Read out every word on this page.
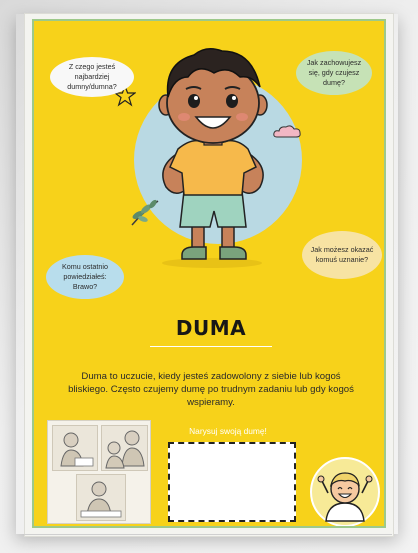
Z czego jesteś najbardziej dumny/dumna?
Jak zachowujesz się, gdy czujesz dumę?
Jak możesz okazać komuś uznanie?
Komu ostatnio powiedziałeś: Brawo?
DUMA
Duma to uczucie, kiedy jesteś zadowolony z siebie lub kogoś bliskiego. Często czujemy dumę po trudnym zadaniu lub gdy kogoś wspieramy.
Narysuj swoją dumę!
